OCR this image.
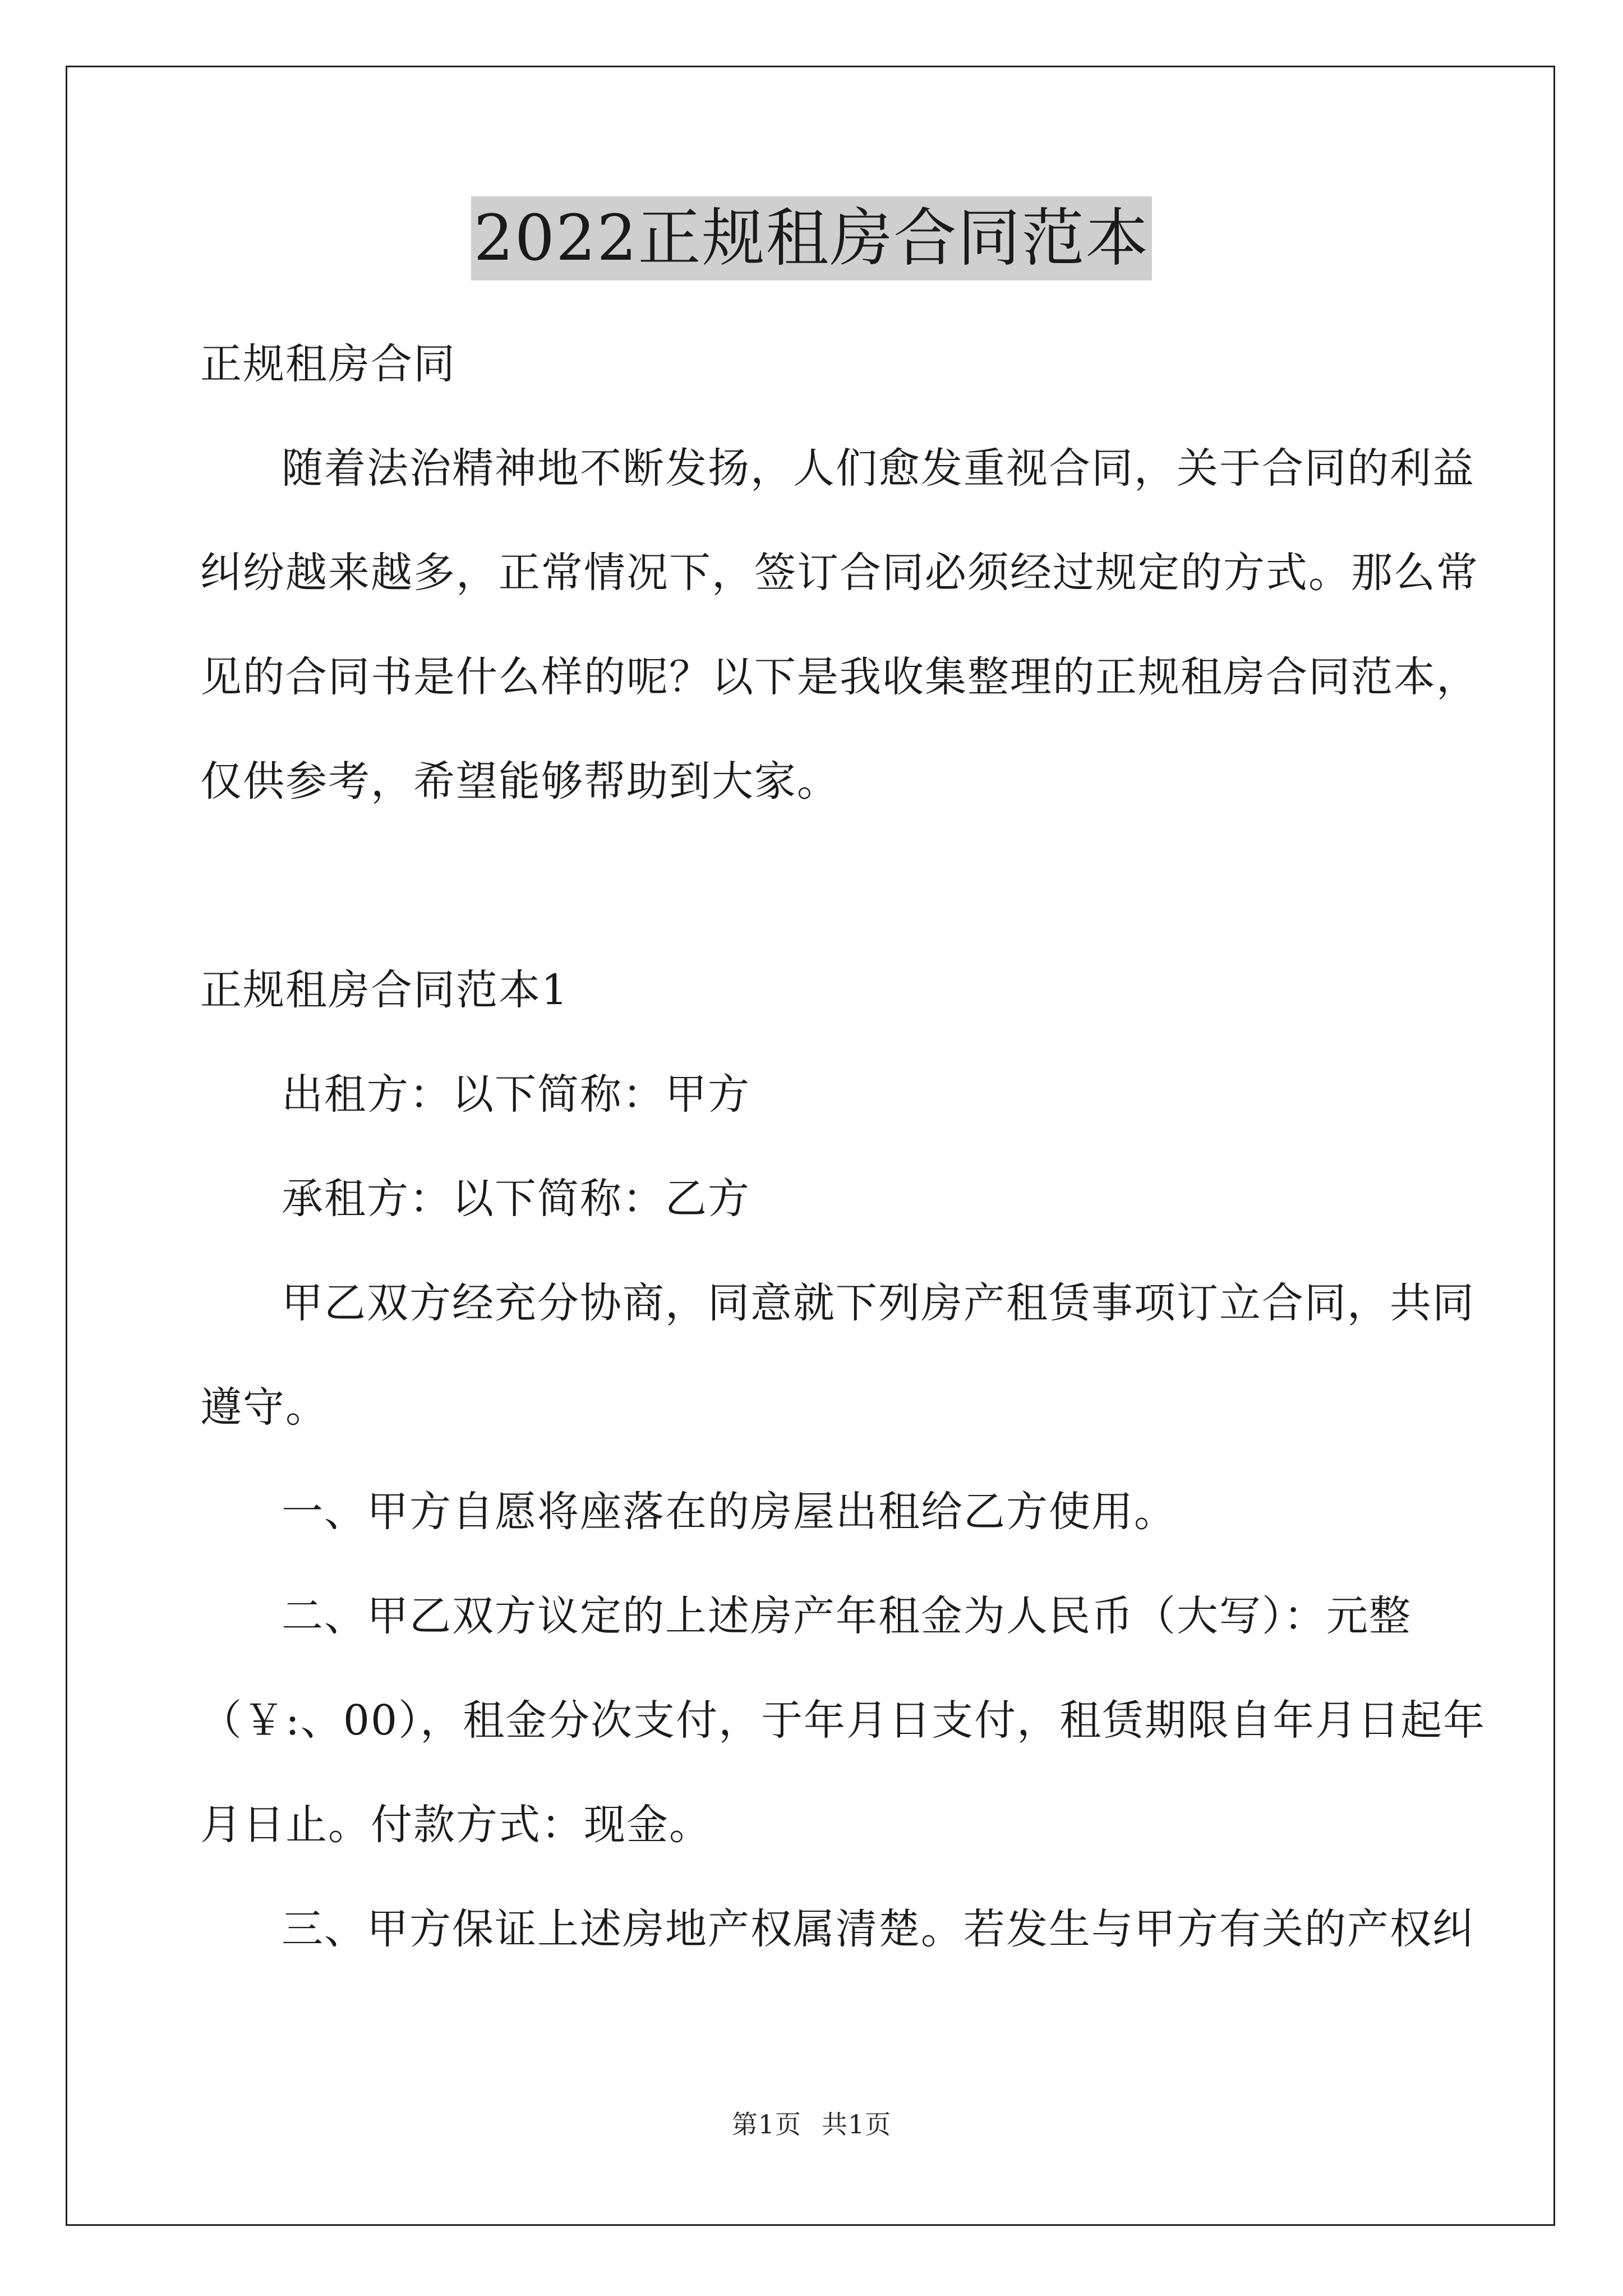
2022正规租房合同范本
正规租房合同
随着法治精神地不断发扬，人们愈发重视合同，关于合同的利益
纠纷越来越多，正常情况下，签订合同必须经过规定的方式。那么常
见的合同书是什么样的呢？以下是我收集整理的正规租房合同范本，
仅供参考，希望能够帮助到大家。
正规租房合同范本1
出租方：以下简称：甲方
承租方：以下简称：乙方
甲乙双方经充分协商，同意就下列房产租赁事项订立合同，共同
遵守。
一、甲方自愿将座落在的房屋出租给乙方使用。
二、甲乙双方议定的上述房产年租金为人民币（大写）：元整
（￥:、00），租金分次支付，于年月日支付，租赁期限自年月日起年
月日止。付款方式：现金。
三、甲方保证上述房地产权属清楚。若发生与甲方有关的产权纠
第1页 共1页
